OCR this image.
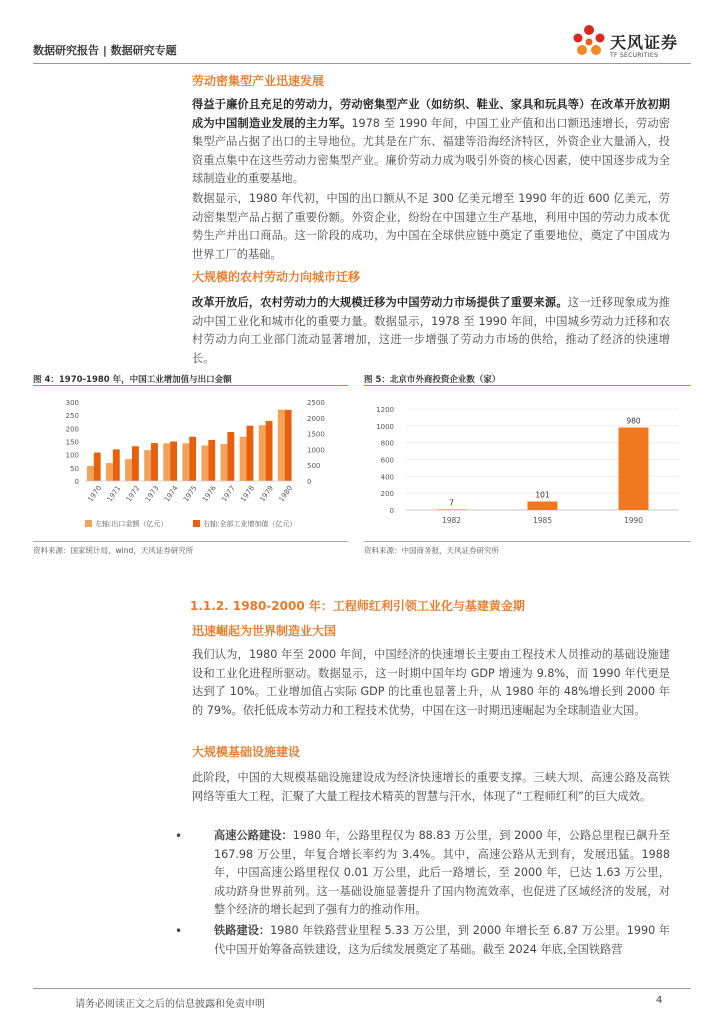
数据研究报告 | 数据研究专题	天风证券
TF SECURITIES
劳动密集型产业迅速发展
得益于廉价且充足的劳动力，劳动密集型产业（如纺织、鞋业、家具和玩具等）在改革开放初期成为中国制造业发展的主力军。1978 至 1990 年间，中国工业产值和出口额迅速增长，劳动密集型产品占据了出口的主导地位。尤其是在广东、福建等沿海经济特区，外资企业大量涌入，投资重点集中在这些劳动力密集型产业。廉价劳动力成为吸引外资的核心因素，使中国逐步成为全球制造业的重要基地。
数据显示，1980 年代初，中国的出口额从不足 300 亿美元增至 1990 年的近 600 亿美元，劳动密集型产品占据了重要份额。外资企业，纷纷在中国建立生产基地，利用中国的劳动力成本优势生产并出口商品。这一阶段的成功，为中国在全球供应链中奠定了重要地位，奠定了中国成为世界工厂的基础。
大规模的农村劳动力向城市迁移
改革开放后，农村劳动力的大规模迁移为中国劳动力市场提供了重要来源。这一迁移现象成为推动中国工业化和城市化的重要力量。数据显示，1978 至 1990 年间，中国城乡劳动力迁移和农村劳动力向工业部门流动显著增加，这进一步增强了劳动力市场的供给，推动了经济的快速增长。
图 4：1970-1980 年，中国工业增加值与出口金额
0
50
100
150
200
250
300
0
500
1000
1500
2000
2500
1970 1971 1972 1973 1974 1975 1976 1977 1978 1979 1980
左轴:出口金额（亿元）	右轴:全部工业增加值（亿元）
资料来源：国家统计局，wind，天风证券研究所
图 5：北京市外商投资企业数（家）
0
200
400
600
800
1000
1200
7
1982
101
1985
980
1990
资料来源：中国商务报，天风证券研究所
1.1.2. 1980-2000 年：工程师红利引领工业化与基建黄金期
迅速崛起为世界制造业大国
我们认为，1980 年至 2000 年间，中国经济的快速增长主要由工程技术人员推动的基础设施建设和工业化进程所驱动。数据显示，这一时期中国年均 GDP 增速为 9.8%，而 1990 年代更是达到了 10%。工业增加值占实际 GDP 的比重也显著上升，从 1980 年的 48%增长到 2000 年的 79%。依托低成本劳动力和工程技术优势，中国在这一时期迅速崛起为全球制造业大国。
大规模基础设施建设
此阶段，中国的大规模基础设施建设成为经济快速增长的重要支撑。三峡大坝、高速公路及高铁网络等重大工程，汇聚了大量工程技术精英的智慧与汗水，体现了“工程师红利”的巨大成效。
•	高速公路建设：1980 年，公路里程仅为 88.83 万公里，到 2000 年，公路总里程已飙升至 167.98 万公里，年复合增长率约为 3.4%。其中，高速公路从无到有，发展迅猛。1988 年，中国高速公路里程仅 0.01 万公里，此后一路增长，至 2000 年，已达 1.63 万公里，成功跻身世界前列。这一基础设施显著提升了国内物流效率，也促进了区域经济的发展，对整个经济的增长起到了强有力的推动作用。
•	铁路建设：1980 年铁路营业里程 5.33 万公里，到 2000 年增长至 6.87 万公里。1990 年代中国开始筹备高铁建设，这为后续发展奠定了基础。截至 2024 年底,全国铁路营
请务必阅读正文之后的信息披露和免责申明	4
